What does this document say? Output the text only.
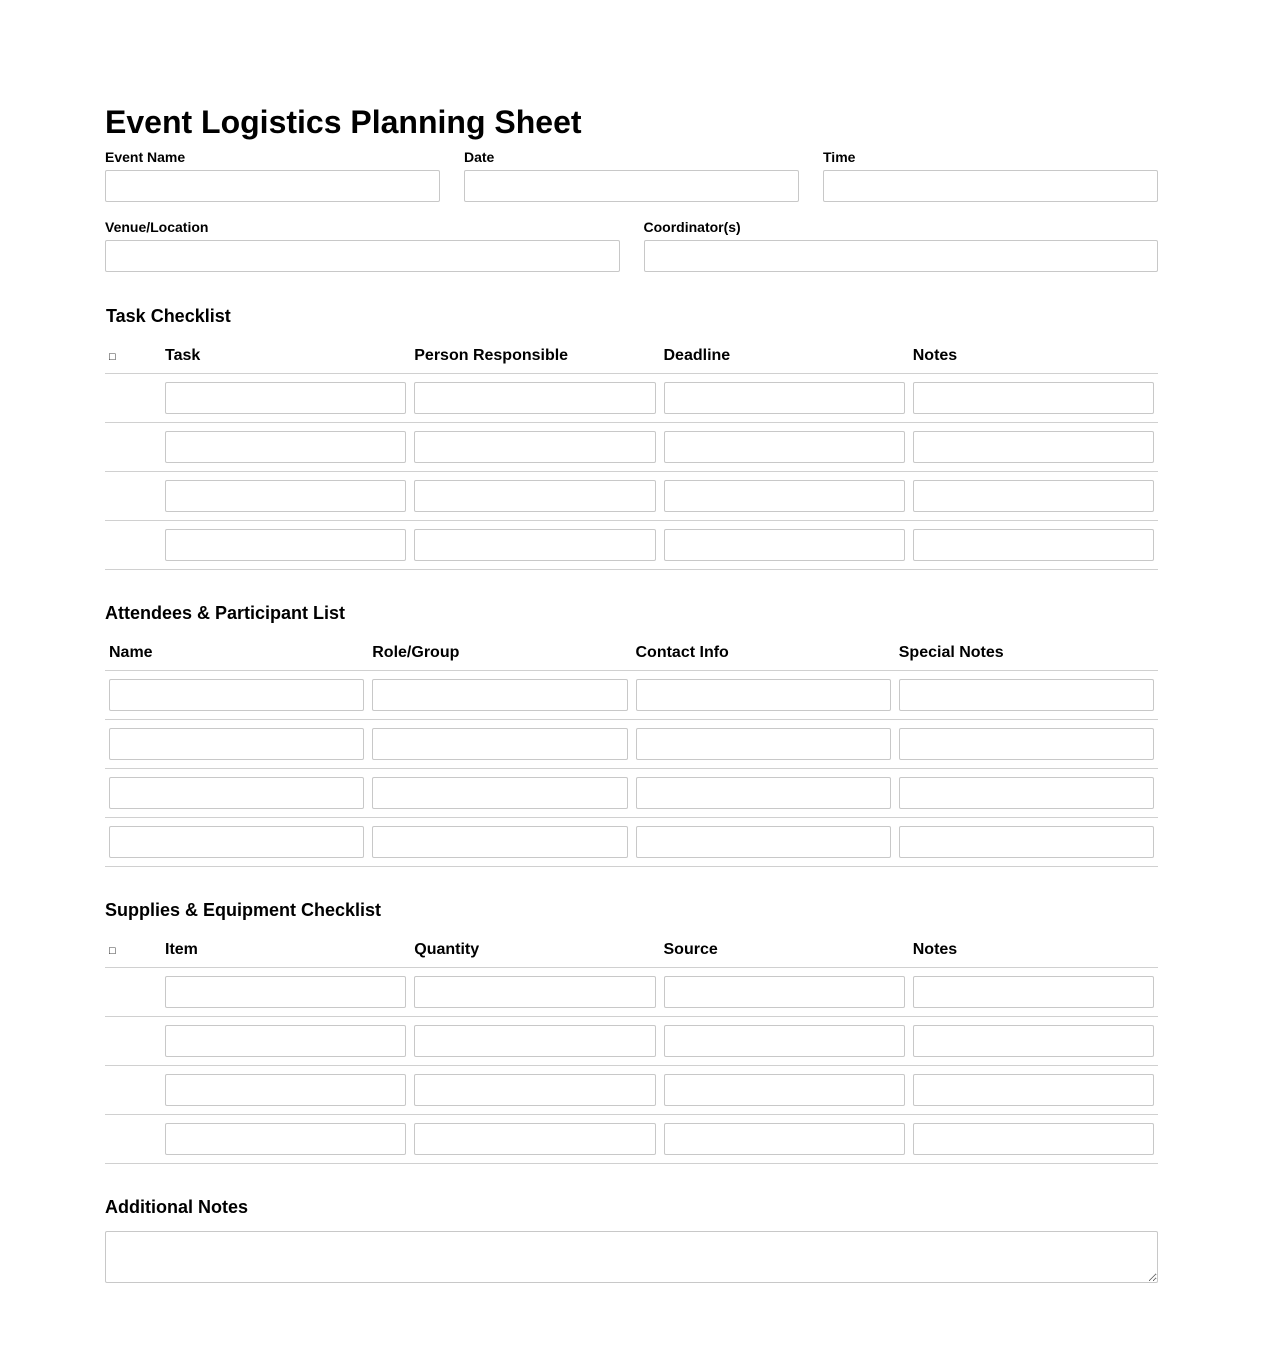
Event Logistics Planning Sheet
Event Name	Date	Time
Venue/Location	Coordinator(s)
Task Checklist
□	Task	Person Responsible	Deadline	Notes

Attendees & Participant List
Name	Role/Group	Contact Info	Special Notes

Supplies & Equipment Checklist
□	Item	Quantity	Source	Notes

Additional Notes
